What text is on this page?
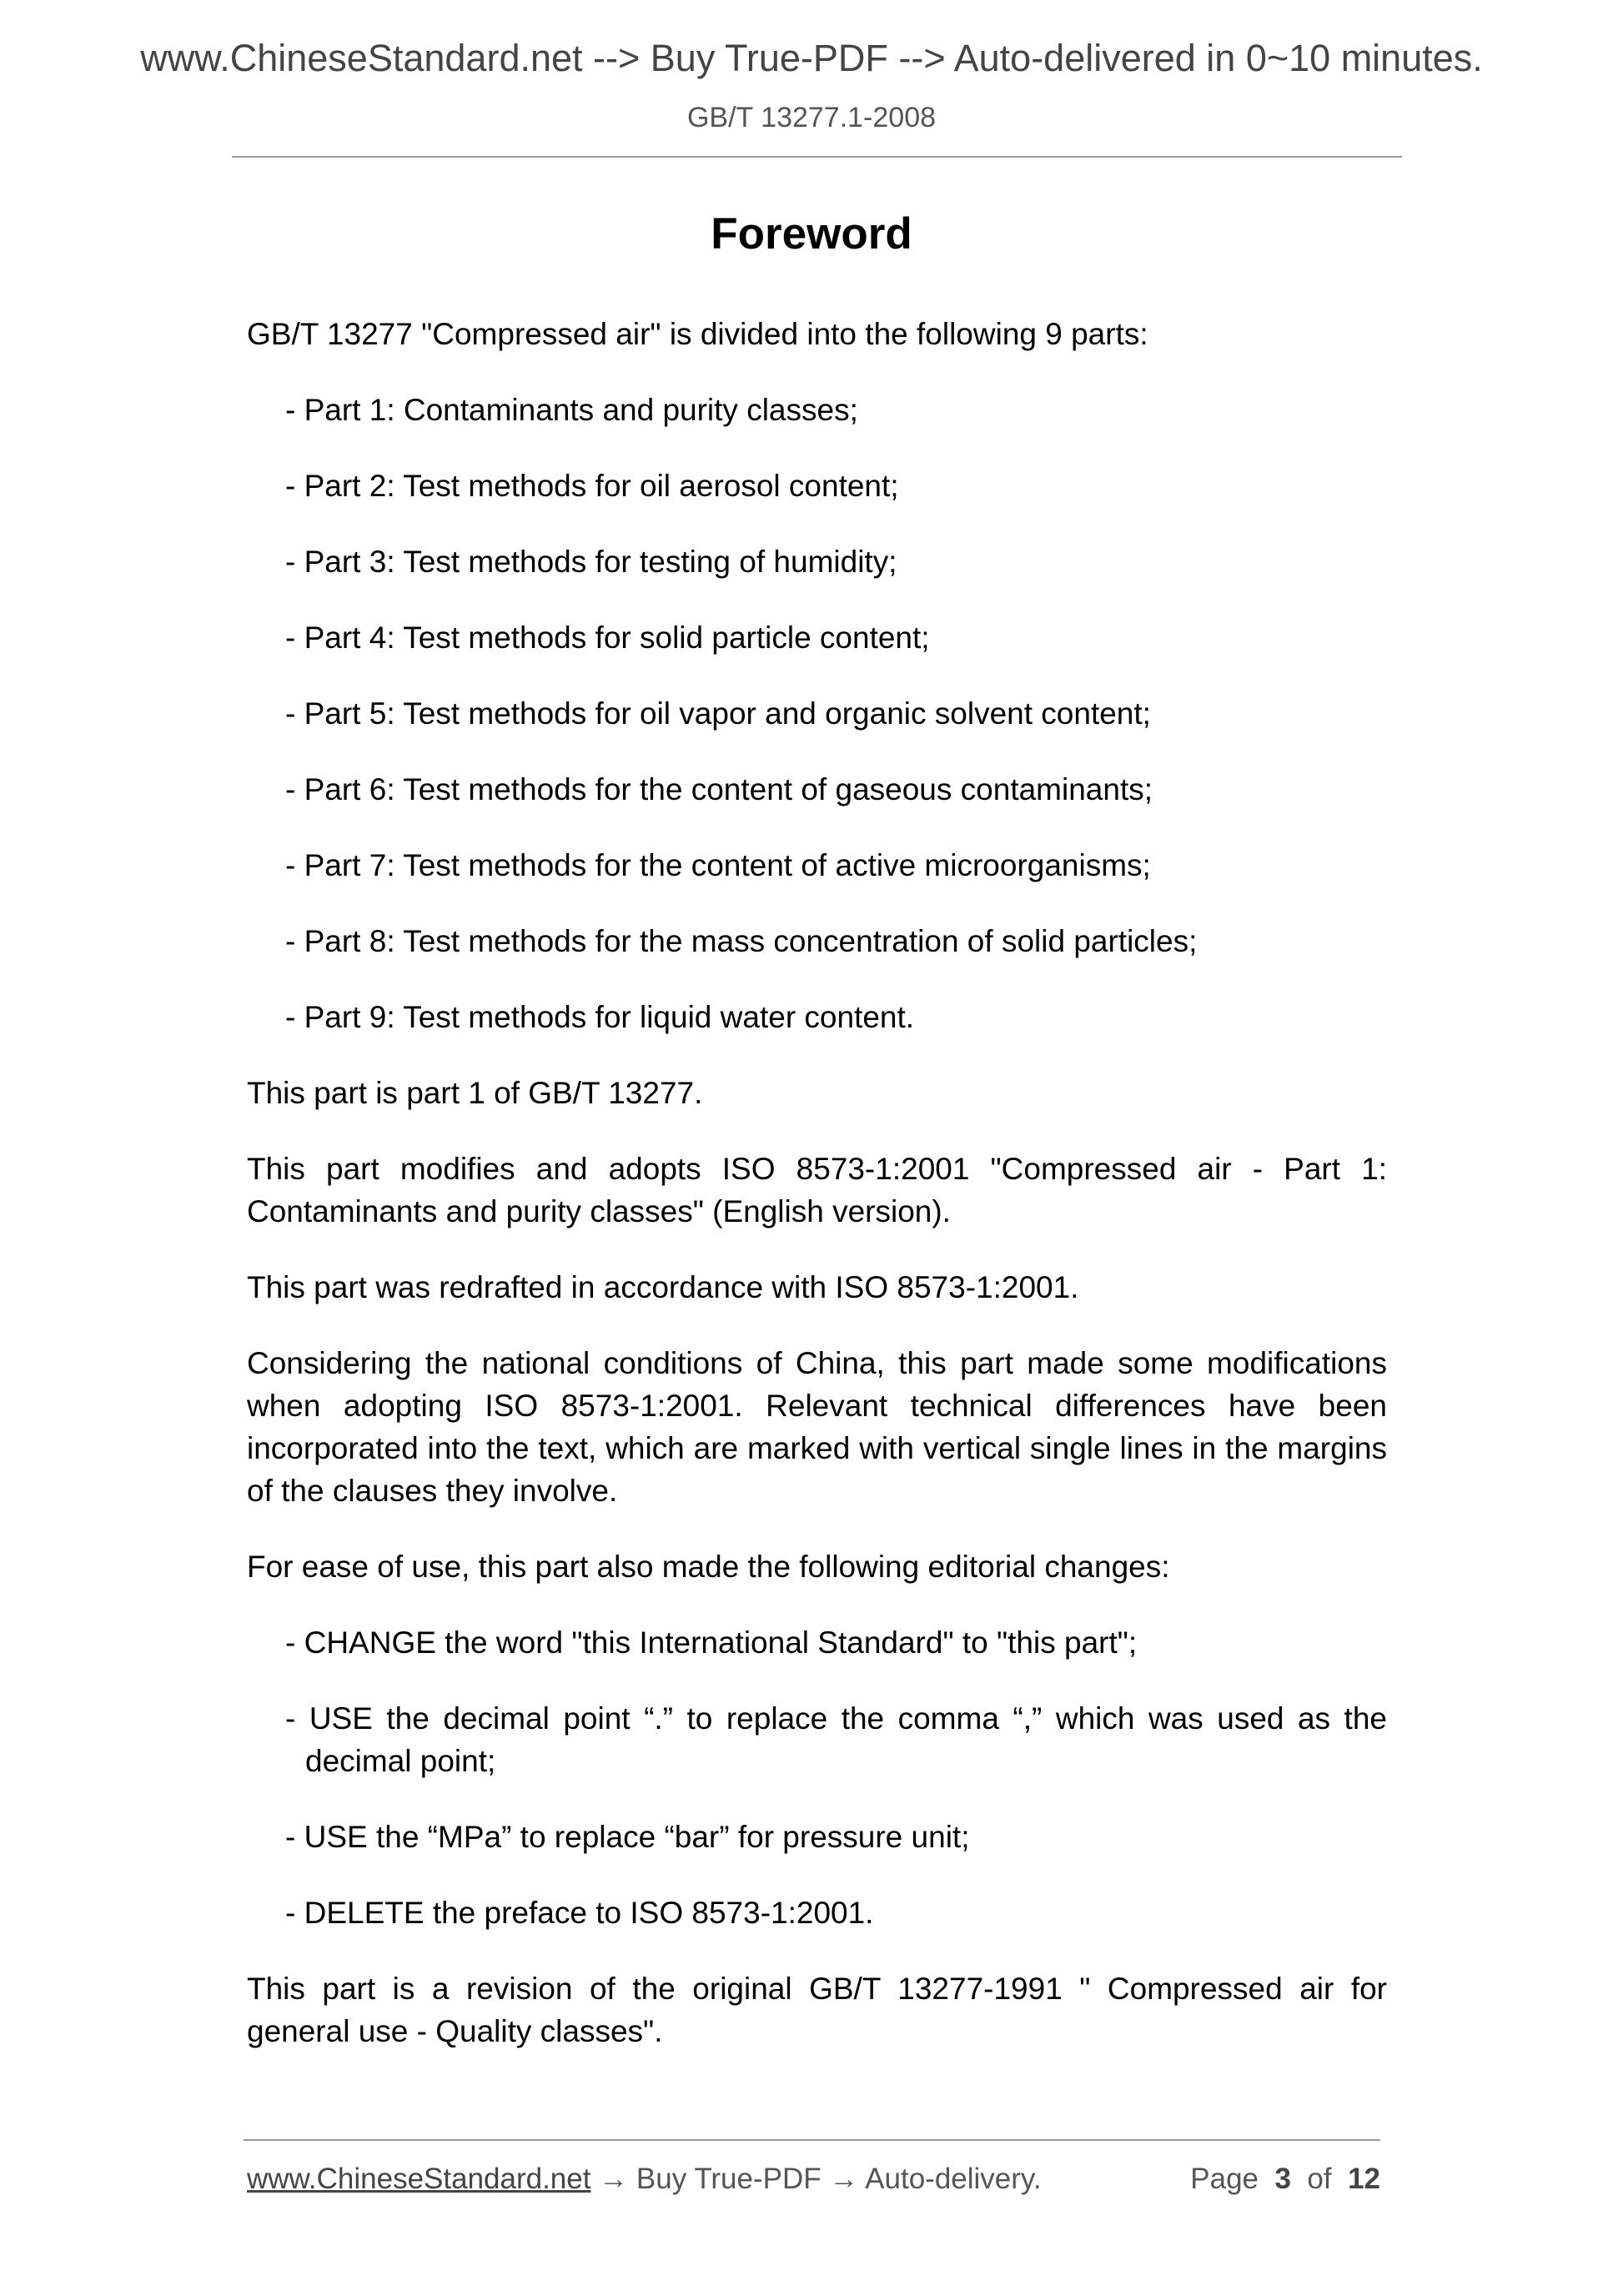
www.ChineseStandard.net --> Buy True-PDF --> Auto-delivered in 0~10 minutes.
GB/T 13277.1-2008
Foreword

GB/T 13277 "Compressed air" is divided into the following 9 parts:

- Part 1: Contaminants and purity classes;

- Part 2: Test methods for oil aerosol content;

- Part 3: Test methods for testing of humidity;

- Part 4: Test methods for solid particle content;

- Part 5: Test methods for oil vapor and organic solvent content;

- Part 6: Test methods for the content of gaseous contaminants;

- Part 7: Test methods for the content of active microorganisms;

- Part 8: Test methods for the mass concentration of solid particles;

- Part 9: Test methods for liquid water content.

This part is part 1 of GB/T 13277.

This part modifies and adopts ISO 8573-1:2001 "Compressed air - Part 1: Contaminants and purity classes" (English version).

This part was redrafted in accordance with ISO 8573-1:2001.

Considering the national conditions of China, this part made some modifications when adopting ISO 8573-1:2001. Relevant technical differences have been incorporated into the text, which are marked with vertical single lines in the margins of the clauses they involve.

For ease of use, this part also made the following editorial changes:

- CHANGE the word "this International Standard" to "this part";

- USE the decimal point “.” to replace the comma “,” which was used as the decimal point;

- USE the “MPa” to replace “bar” for pressure unit;

- DELETE the preface to ISO 8573-1:2001.

This part is a revision of the original GB/T 13277-1991 " Compressed air for general use - Quality classes".

www.ChineseStandard.net → Buy True-PDF → Auto-delivery.	Page 3 of 12
